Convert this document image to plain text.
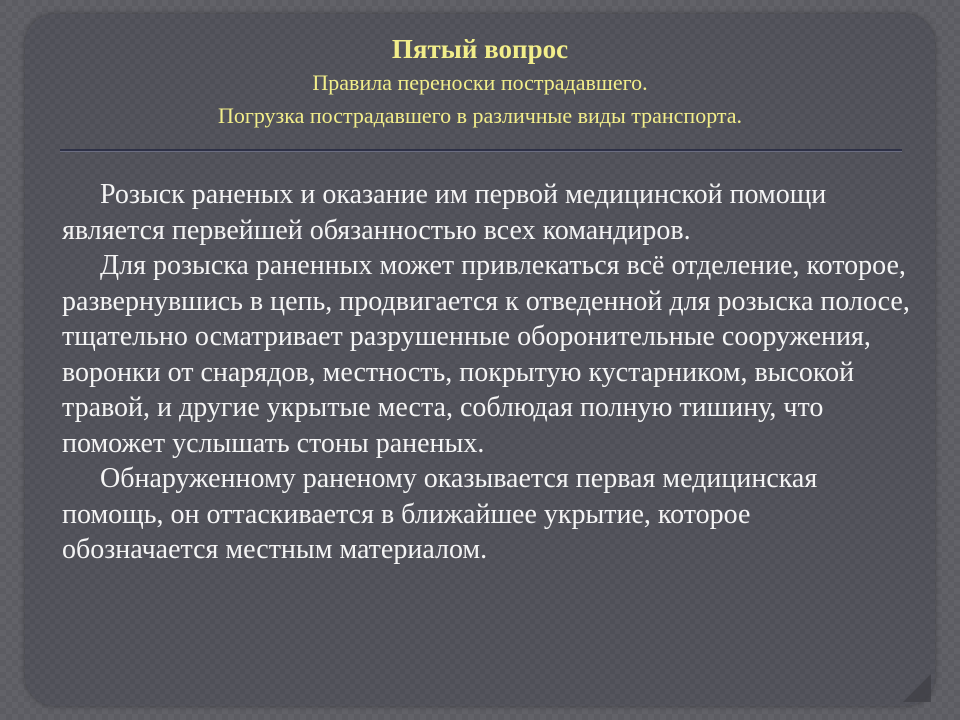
Пятый вопрос
Правила переноски пострадавшего.
Погрузка пострадавшего в различные виды транспорта.

Розыск раненых и оказание им первой медицинской помощи является первейшей обязанностью всех командиров.

Для розыска раненных может привлекаться всё отделение, которое, развернувшись в цепь, продвигается к отведенной для розыска полосе, тщательно осматривает разрушенные оборонительные сооружения, воронки от снарядов, местность, покрытую кустарником, высокой травой, и другие укрытые места, соблюдая полную тишину, что поможет услышать стоны раненых.

Обнаруженному раненому оказывается первая медицинская помощь, он оттаскивается в ближайшее укрытие, которое обозначается местным материалом.
